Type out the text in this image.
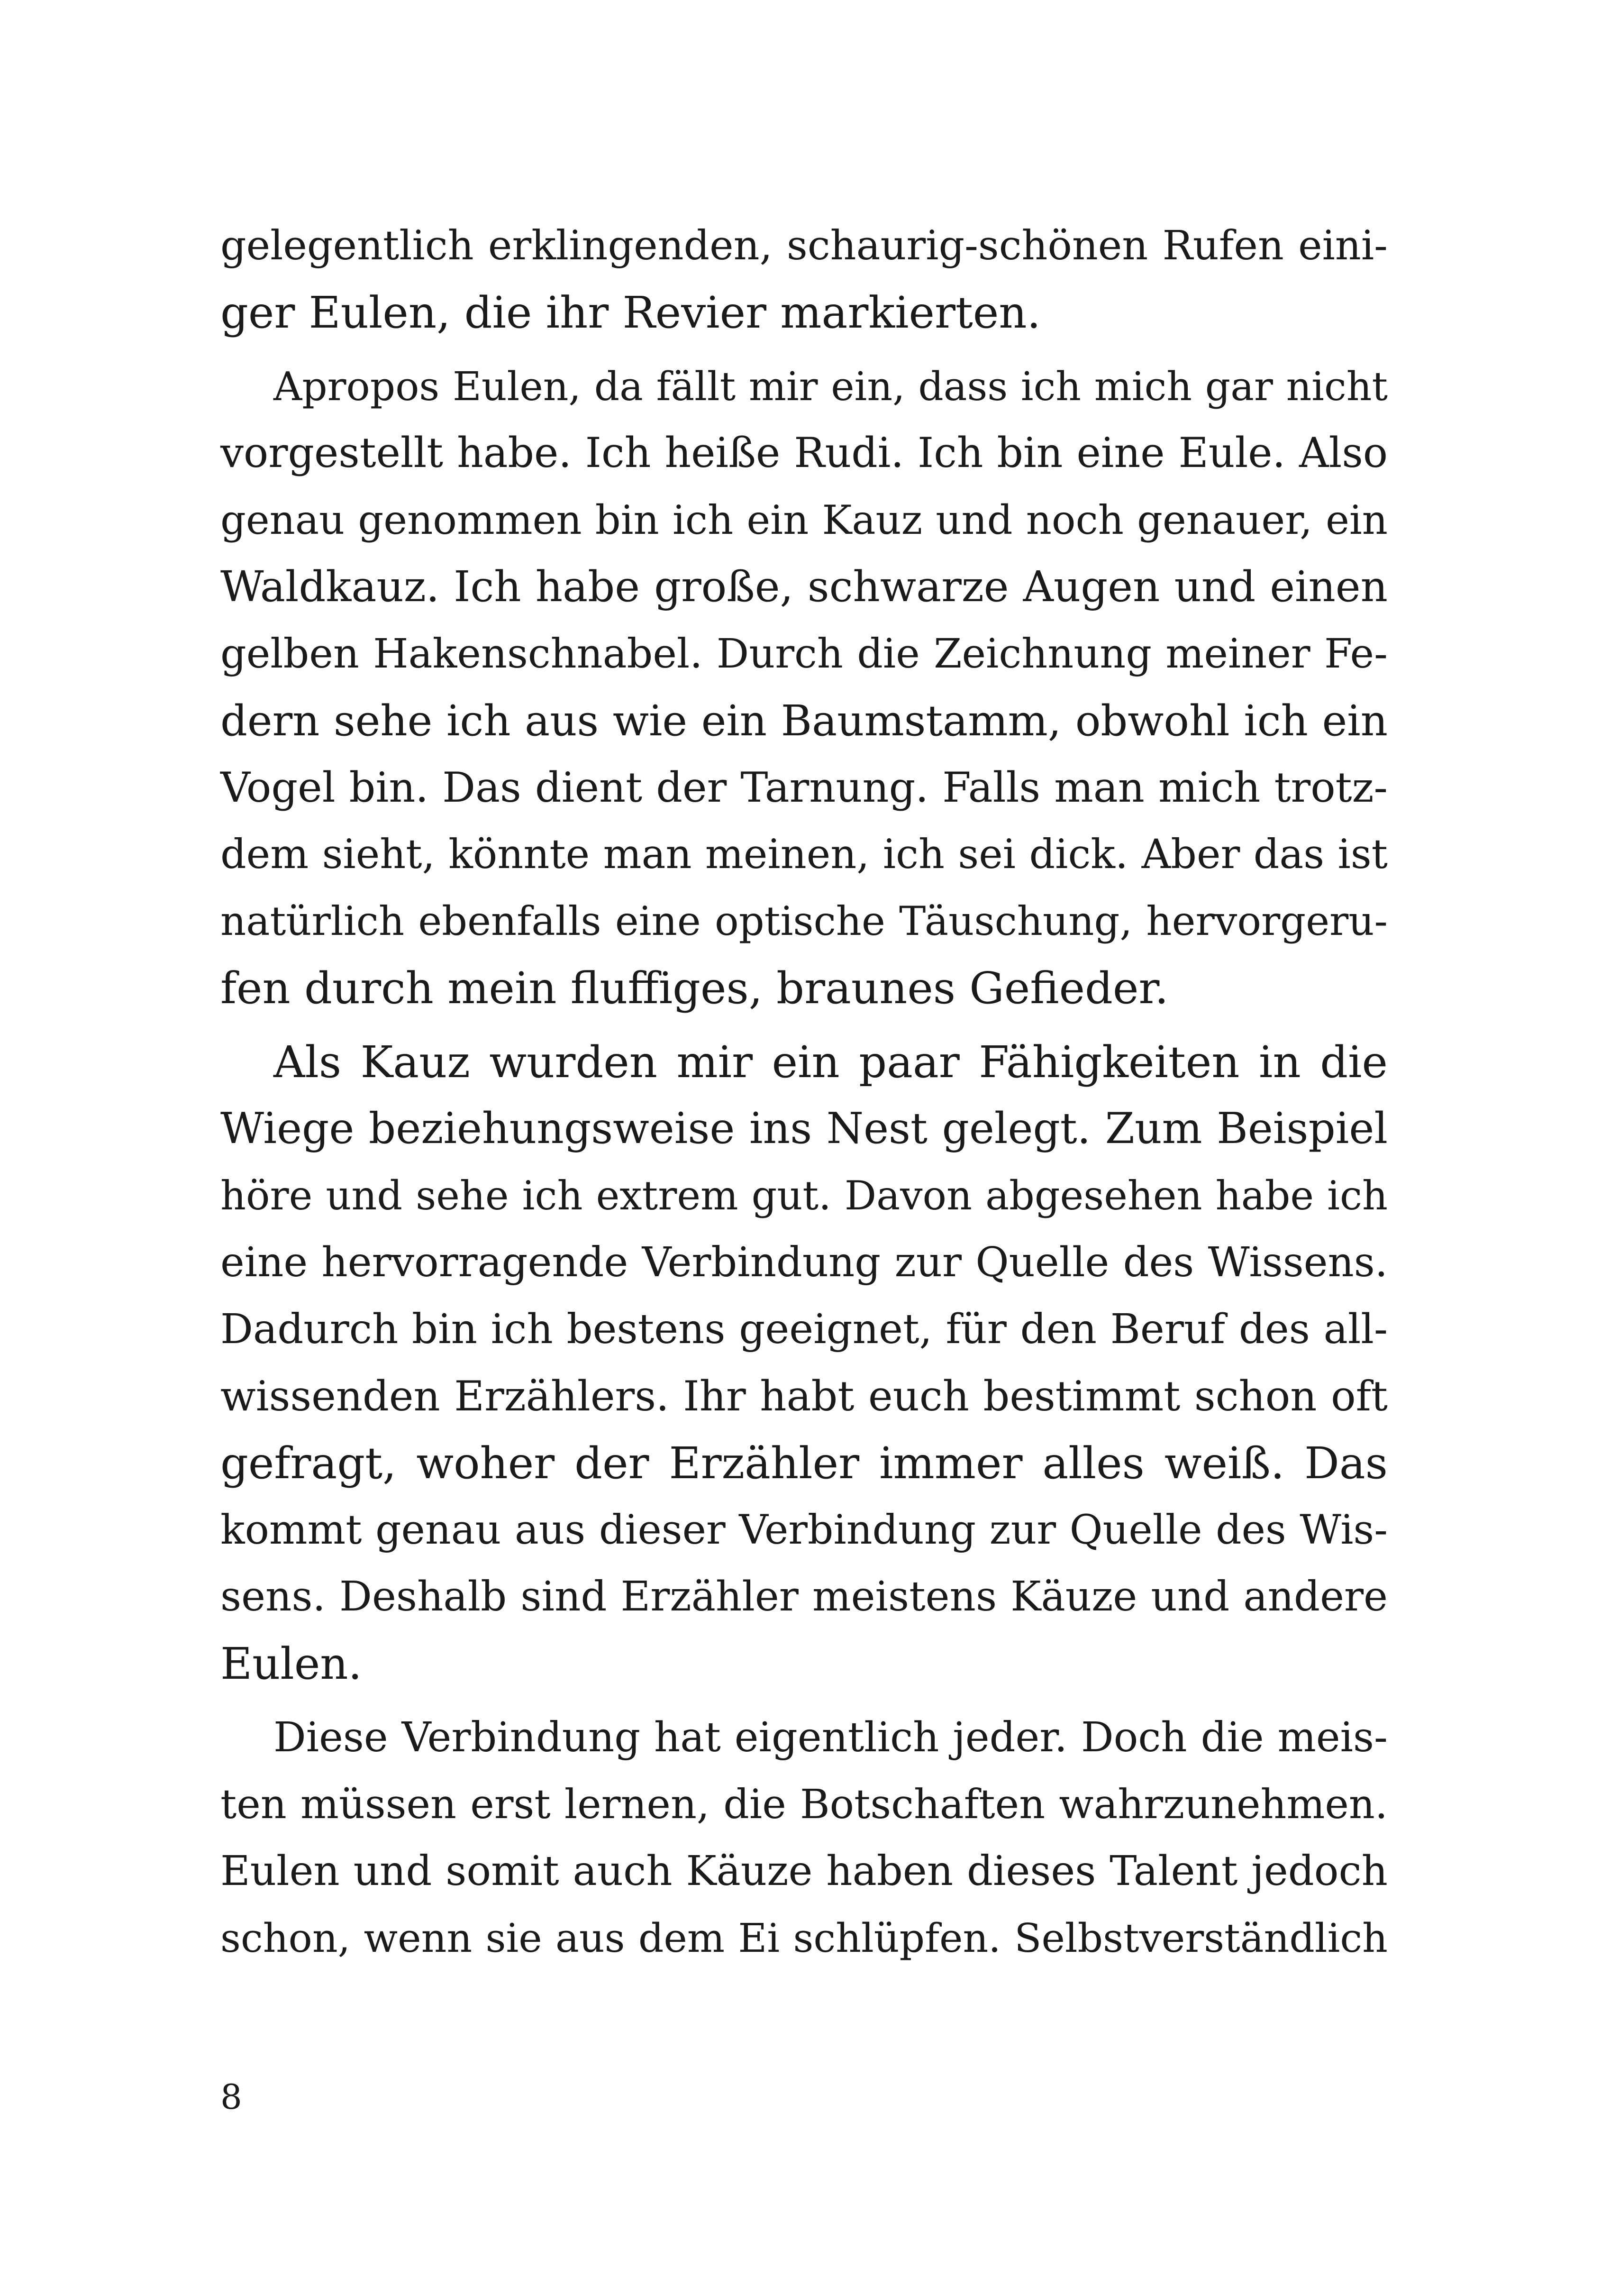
gelegentlich erklingenden, schaurig-schönen Rufen eini-
ger Eulen, die ihr Revier markierten.
Apropos Eulen, da fällt mir ein, dass ich mich gar nicht
vorgestellt habe. Ich heiße Rudi. Ich bin eine Eule. Also
genau genommen bin ich ein Kauz und noch genauer, ein
Waldkauz. Ich habe große, schwarze Augen und einen
gelben Hakenschnabel. Durch die Zeichnung meiner Fe-
dern sehe ich aus wie ein Baumstamm, obwohl ich ein
Vogel bin. Das dient der Tarnung. Falls man mich trotz-
dem sieht, könnte man meinen, ich sei dick. Aber das ist
natürlich ebenfalls eine optische Täuschung, hervorgeru-
fen durch mein fluffiges, braunes Gefieder.
Als Kauz wurden mir ein paar Fähigkeiten in die
Wiege beziehungsweise ins Nest gelegt. Zum Beispiel
höre und sehe ich extrem gut. Davon abgesehen habe ich
eine hervorragende Verbindung zur Quelle des Wissens.
Dadurch bin ich bestens geeignet, für den Beruf des all-
wissenden Erzählers. Ihr habt euch bestimmt schon oft
gefragt, woher der Erzähler immer alles weiß. Das
kommt genau aus dieser Verbindung zur Quelle des Wis-
sens. Deshalb sind Erzähler meistens Käuze und andere
Eulen.
Diese Verbindung hat eigentlich jeder. Doch die meis-
ten müssen erst lernen, die Botschaften wahrzunehmen.
Eulen und somit auch Käuze haben dieses Talent jedoch
schon, wenn sie aus dem Ei schlüpfen. Selbstverständlich
8
